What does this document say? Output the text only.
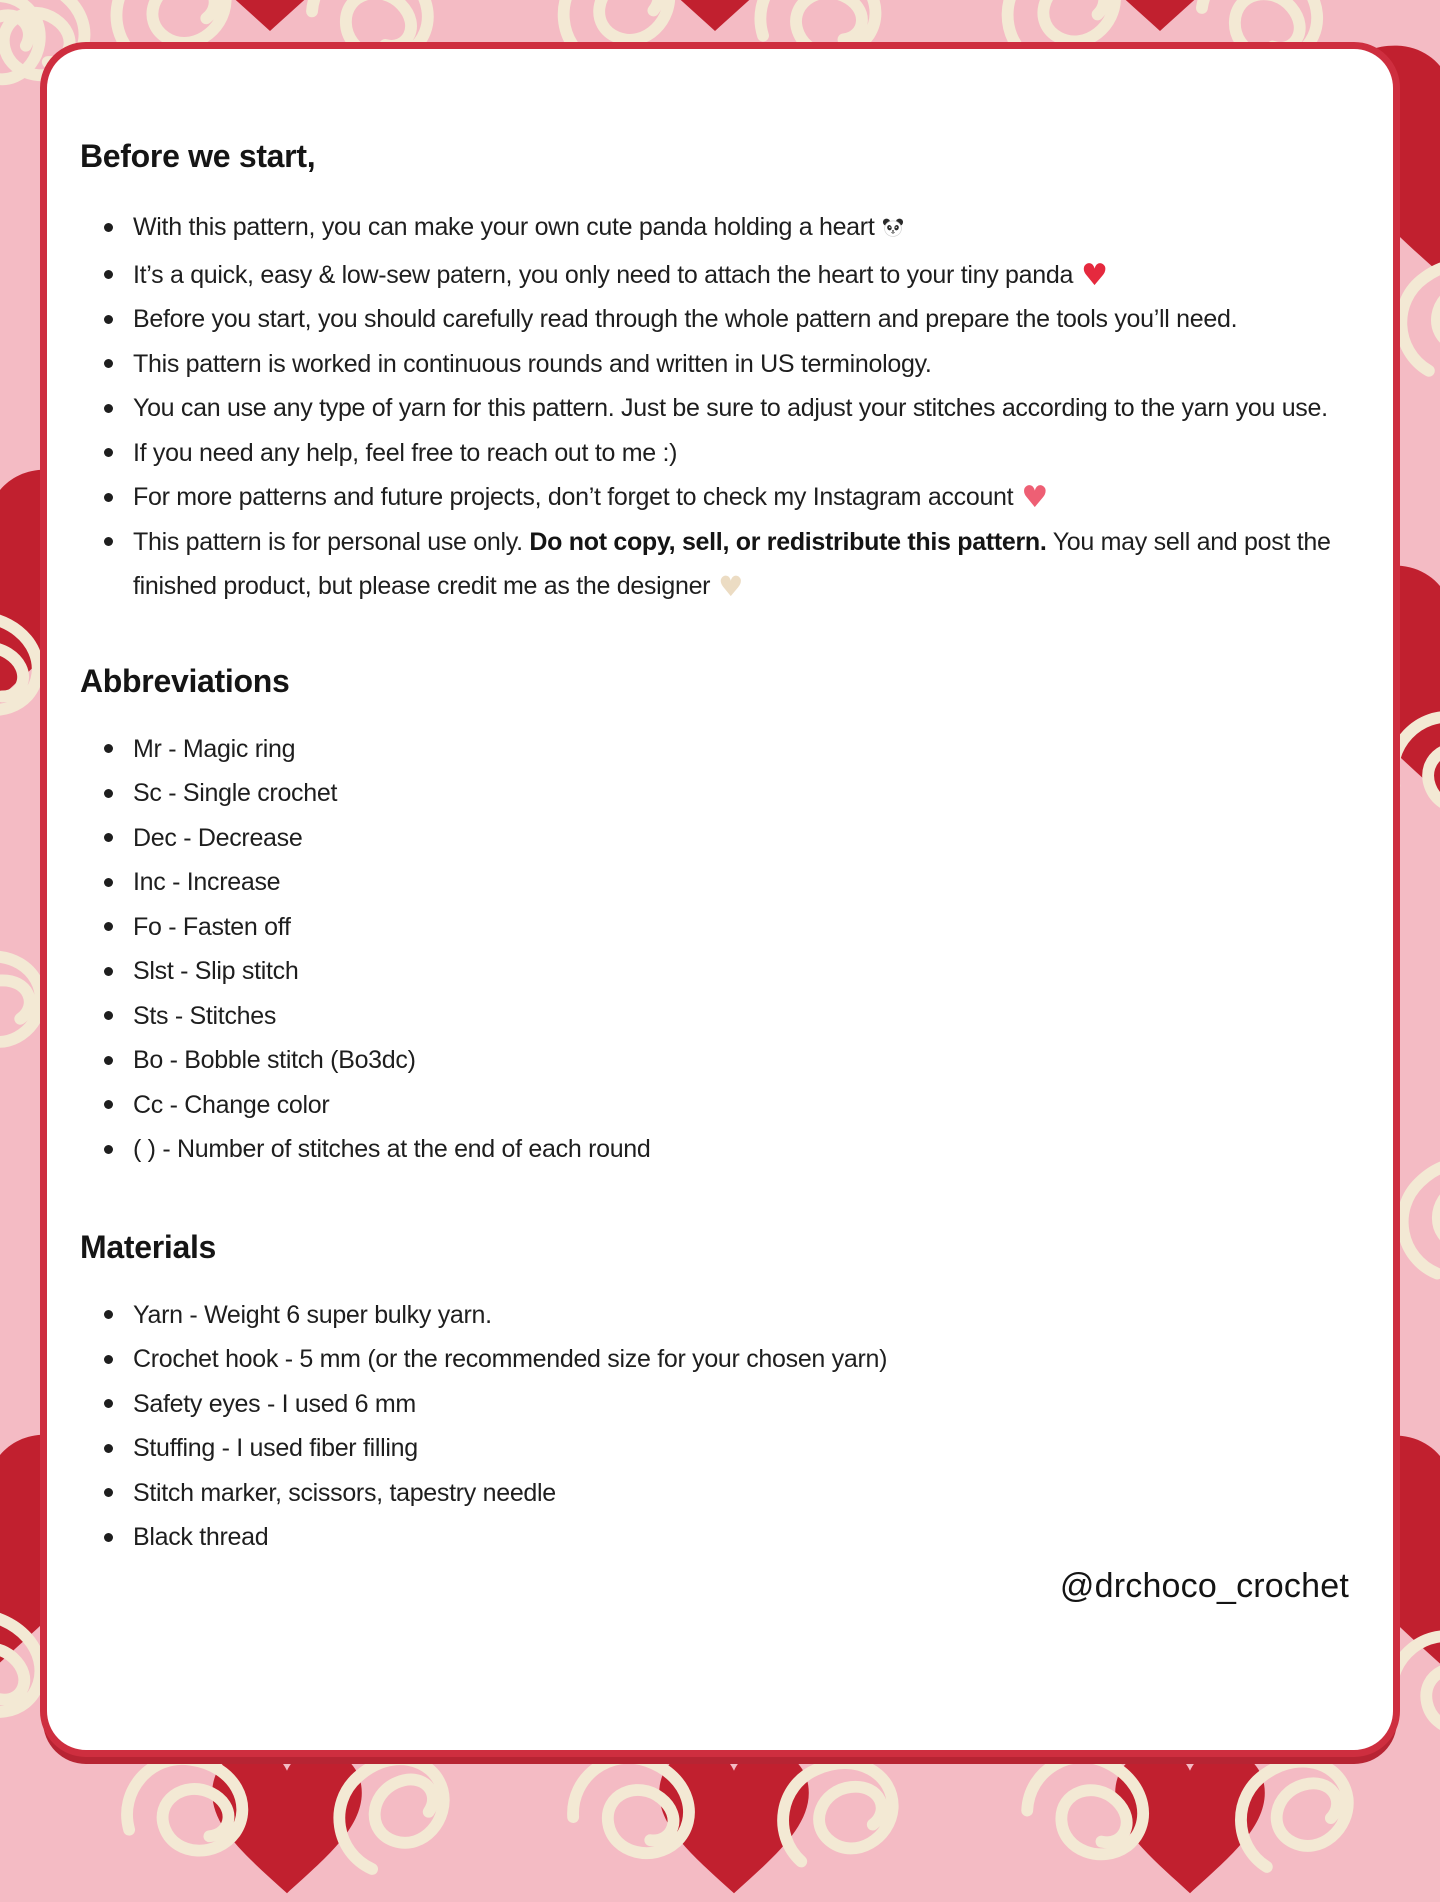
Before we start,
With this pattern, you can make your own cute panda holding a heart
It’s a quick, easy & low-sew patern, you only need to attach the heart to your tiny panda ♥
Before you start, you should carefully read through the whole pattern and prepare the tools you’ll need.
This pattern is worked in continuous rounds and written in US terminology.
You can use any type of yarn for this pattern. Just be sure to adjust your stitches according to the yarn you use.
If you need any help, feel free to reach out to me :)
For more patterns and future projects, don’t forget to check my Instagram account ♥
This pattern is for personal use only. Do not copy, sell, or redistribute this pattern. You may sell and post the finished product, but please credit me as the designer ♥
Abbreviations
Mr - Magic ring
Sc - Single crochet
Dec - Decrease
Inc - Increase
Fo - Fasten off
Slst - Slip stitch
Sts - Stitches
Bo - Bobble stitch (Bo3dc)
Cc - Change color
( ) - Number of stitches at the end of each round
Materials
Yarn - Weight 6 super bulky yarn.
Crochet hook - 5 mm (or the recommended size for your chosen yarn)
Safety eyes - I used 6 mm
Stuffing - I used fiber filling
Stitch marker, scissors, tapestry needle
Black thread
@drchoco_crochet
